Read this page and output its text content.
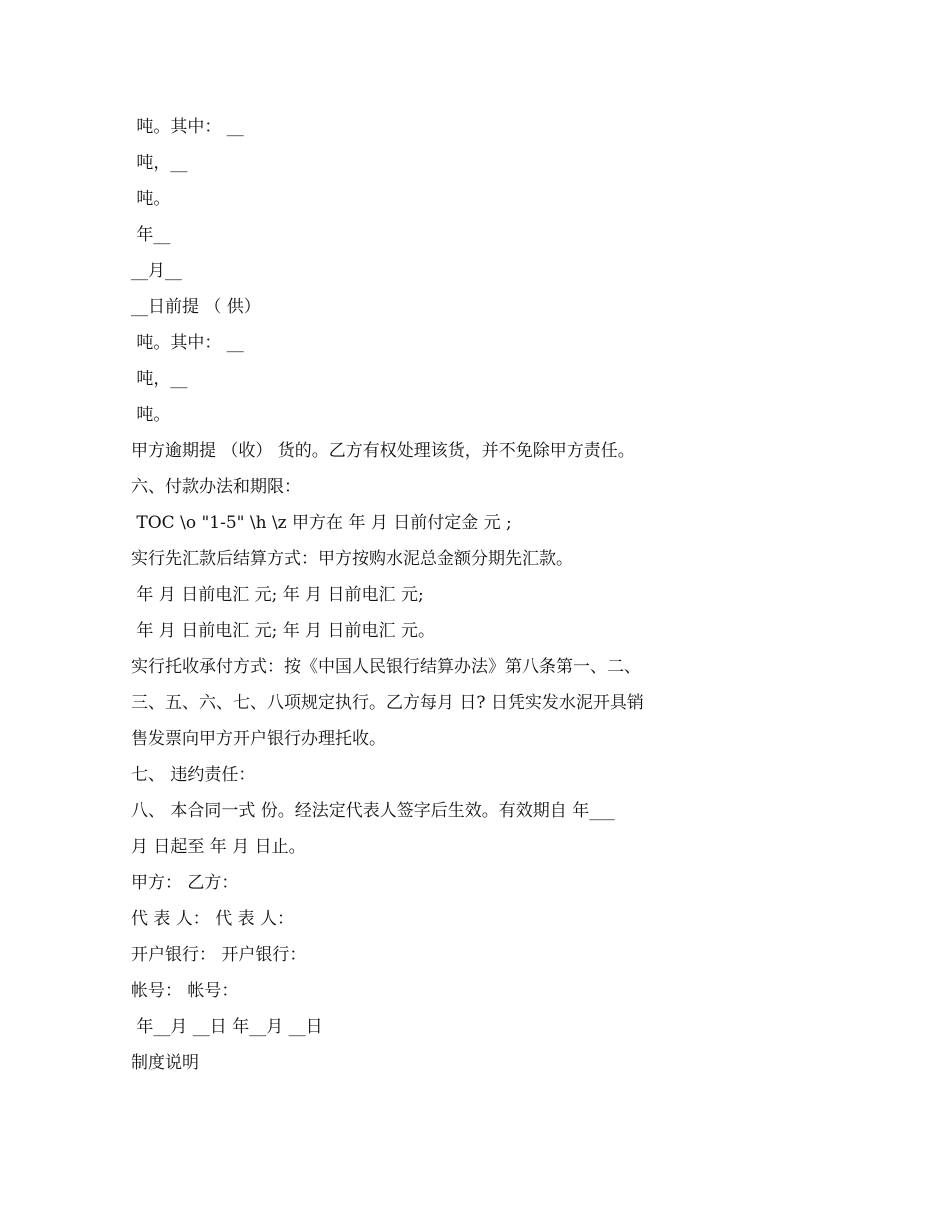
吨。其中： __
吨，__
吨。
年__
__月__
__日前提 （ 供）
吨。其中： __
吨，__
吨。
甲方逾期提 （收） 货的。乙方有权处理该货，并不免除甲方责任。
六、付款办法和期限：
TOC \o "1-5" \h \z 甲方在 年 月 日前付定金 元 ;
实行先汇款后结算方式：甲方按购水泥总金额分期先汇款。
年 月 日前电汇 元; 年 月 日前电汇 元;
年 月 日前电汇 元; 年 月 日前电汇 元。
实行托收承付方式：按《中国人民银行结算办法》第八条第一、二、
三、五、六、七、八项规定执行。乙方每月 日? 日凭实发水泥开具销
售发票向甲方开户银行办理托收。
七、 违约责任：
八、 本合同一式 份。经法定代表人签字后生效。有效期自 年___
月 日起至 年 月 日止。
甲方： 乙方：
代 表 人： 代 表 人：
开户银行： 开户银行：
帐号： 帐号：
年__月 __日 年__月 __日
制度说明
